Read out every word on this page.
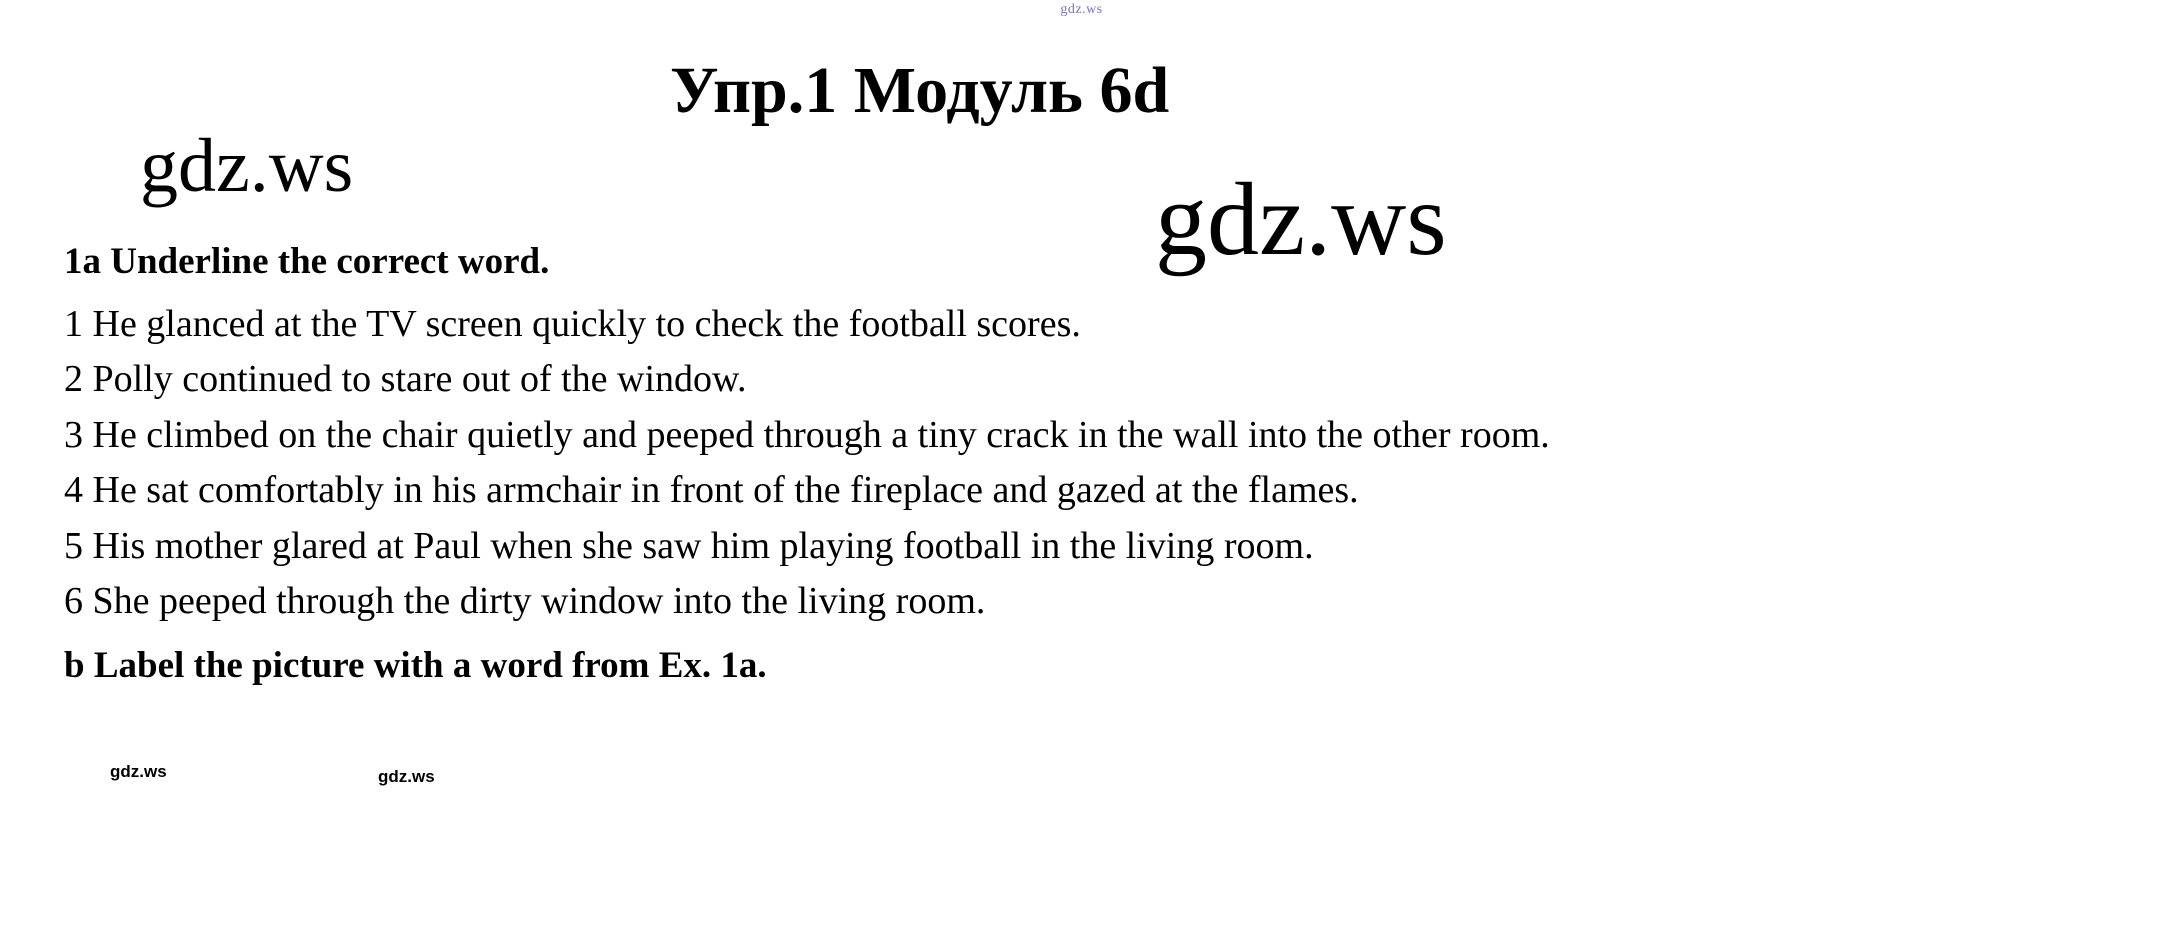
gdz.ws
Упр.1 Модуль 6d
gdz.ws	gdz.ws

1a Underline the correct word.

1 He glanced at the TV screen quickly to check the football scores.

2 Polly continued to stare out of the window.

3 He climbed on the chair quietly and peeped through a tiny crack in the wall into the other room.

4 He sat comfortably in his armchair in front of the fireplace and gazed at the flames.

5 His mother glared at Paul when she saw him playing football in the living room.

6 She peeped through the dirty window into the living room.

b Label the picture with a word from Ex. 1a.

gdz.ws	gdz.ws
